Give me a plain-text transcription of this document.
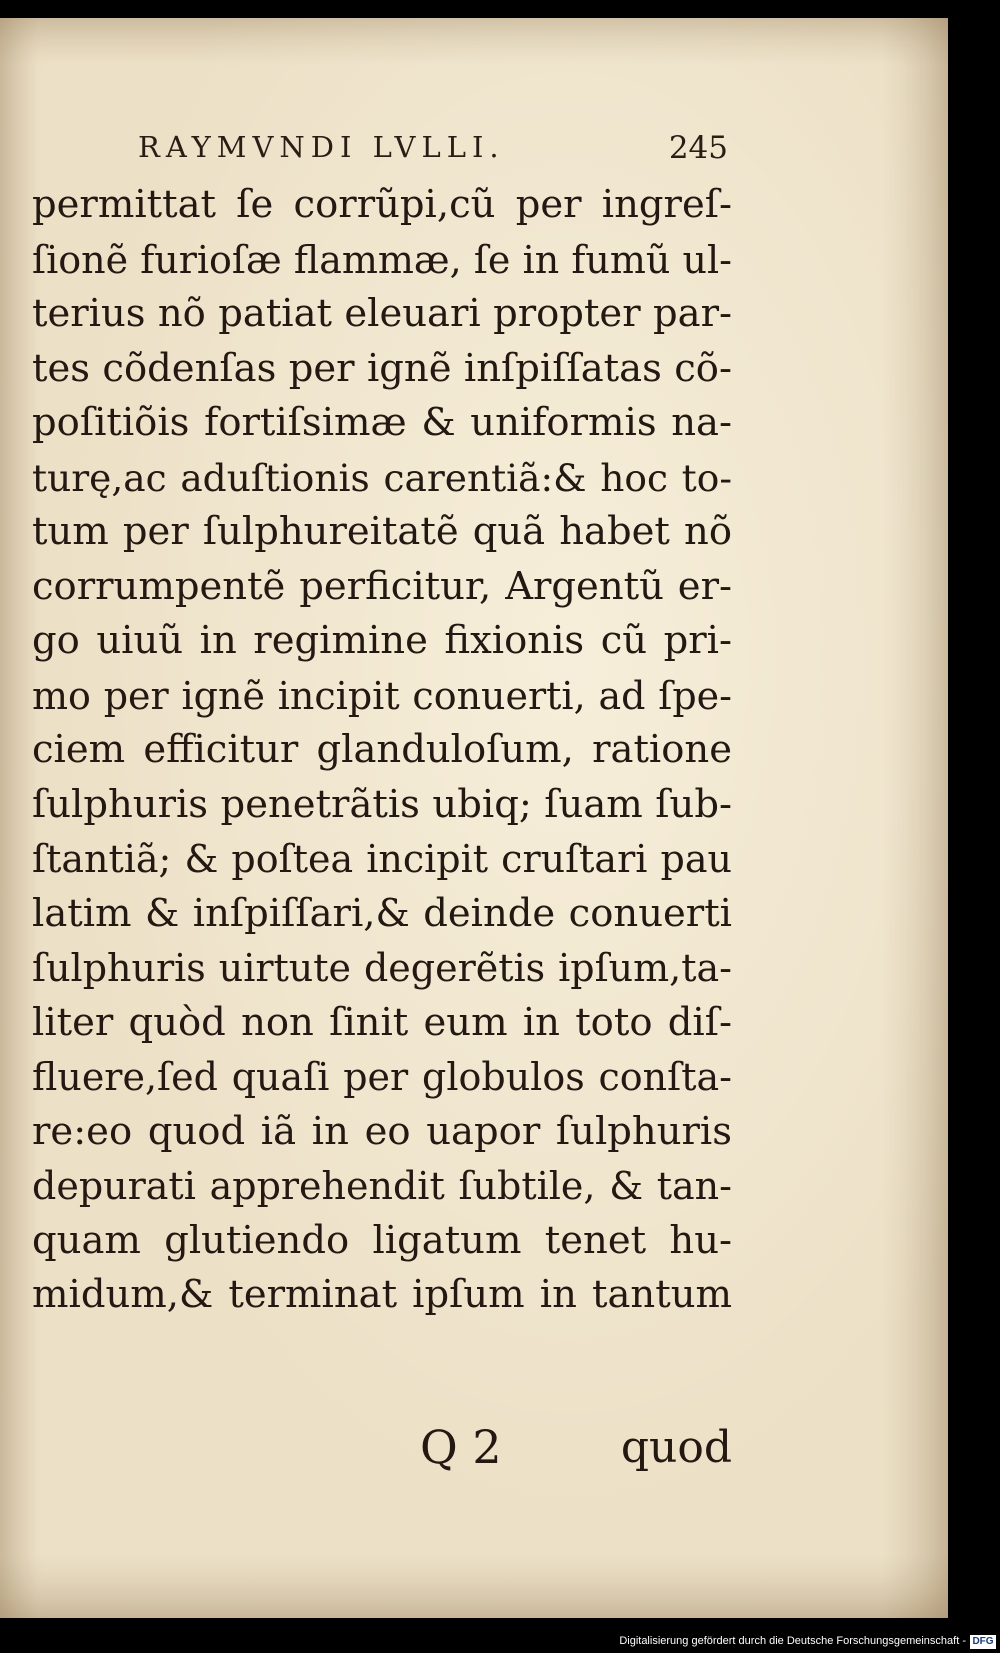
RAYMVNDI LVLLI.	245
permittat ſe corrũpi,cũ per ingreſ-
ſionẽ furioſæ flammæ, ſe in fumũ ul-
terius nõ patiat eleuari propter par-
tes cõdenſas per ignẽ inſpiſſatas cõ-
poſitiõis fortiſsimæ & uniformis na-
turę,ac aduſtionis carentiã:& hoc to-
tum per ſulphureitatẽ quã habet nõ
corrumpentẽ perficitur, Argentũ er-
go uiuũ in regimine fixionis cũ pri-
mo per ignẽ incipit conuerti, ad ſpe-
ciem efficitur glanduloſum, ratione
ſulphuris penetrãtis ubiq; ſuam ſub-
ſtantiã; & poſtea incipit cruſtari pau
latim & inſpiſſari,& deinde conuerti
ſulphuris uirtute degerẽtis ipſum,ta-
liter quòd non ſinit eum in toto diſ-
fluere,ſed quaſi per globulos conſta-
re:eo quod iã in eo uapor ſulphuris
depurati apprehendit ſubtile, & tan-
quam glutiendo ligatum tenet hu-
midum,& terminat ipſum in tantum
Q 2	quod
Digitalisierung gefördert durch die Deutsche Forschungsgemeinschaft - DFG
